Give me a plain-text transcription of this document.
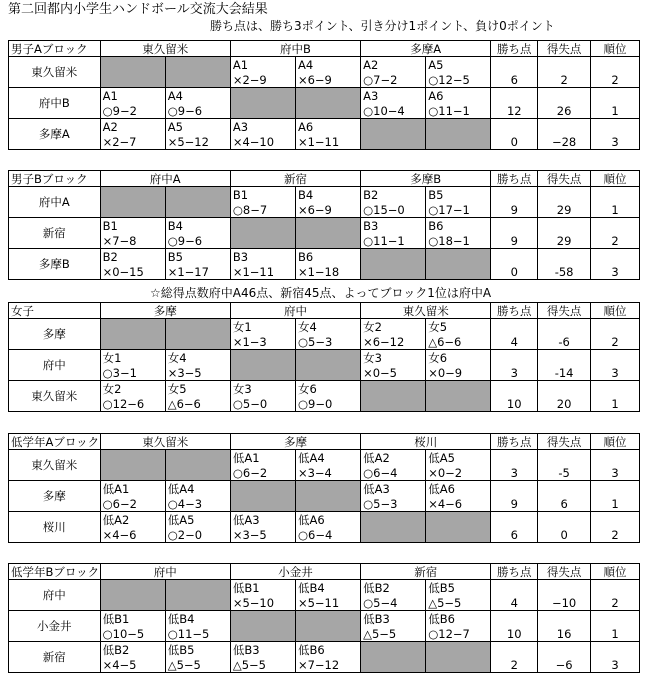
第二回都内小学生ハンドボール交流大会結果
勝ち点は、勝ち3ポイント、引き分け1ポイント、負け0ポイント
男子Aブロック	東久留米		府中B		多摩A		勝ち点	得失点	順位
東久留米			A1	A4	A2	A5	6	2	2
			×2−9	×6−9	○7−2	○12−5			
府中B	A1	A4			A3	A6	12	26	1
	○9−2	○9−6			○10−4	○11−1			
多摩A	A2	A5	A3	A6			0	−28	3
	×2−7	×5−12	×4−10	×1−11					
男子Bブロック	府中A		新宿		多摩B		勝ち点	得失点	順位
府中A			B1	B4	B2	B5	9	29	1
			○8−7	×6−9	○15−0	○17−1			
新宿	B1	B4			B3	B6	9	29	2
	×7−8	○9−6			○11−1	○18−1			
多摩B	B2	B5	B3	B6			0	-58	3
	×0−15	×1−17	×1−11	×1−18					
☆総得点数府中A46点、新宿45点、よってブロック1位は府中A
女子	多摩		府中		東久留米		勝ち点	得失点	順位
多摩			女1	女4	女2	女5	4	-6	2
			×1−3	○5−3	×6−12	△6−6			
府中	女1	女4			女3	女6	3	-14	3
	○3−1	×3−5			×0−5	×0−9			
東久留米	女2	女5	女3	女6			10	20	1
	○12−6	△6−6	○5−0	○9−0					
低学年Aブロック	東久留米		多摩		桜川		勝ち点	得失点	順位
東久留米			低A1	低A4	低A2	低A5	3	-5	3
			○6−2	×3−4	○6−4	×0−2			
多摩	低A1	低A4			低A3	低A6	9	6	1
	○6−2	○4−3			○5−3	×4−6			
桜川	低A2	低A5	低A3	低A6			6	0	2
	×4−6	○2−0	×3−5	○6−4					
低学年Bブロック	府中		小金井		新宿		勝ち点	得失点	順位
府中			低B1	低B4	低B2	低B5	4	−10	2
			×5−10	×5−11	○5−4	△5−5			
小金井	低B1	低B4			低B3	低B6	10	16	1
	○10−5	○11−5			△5−5	○12−7			
新宿	低B2	低B5	低B3	低B6			2	−6	3
	×4−5	△5−5	△5−5	×7−12					
